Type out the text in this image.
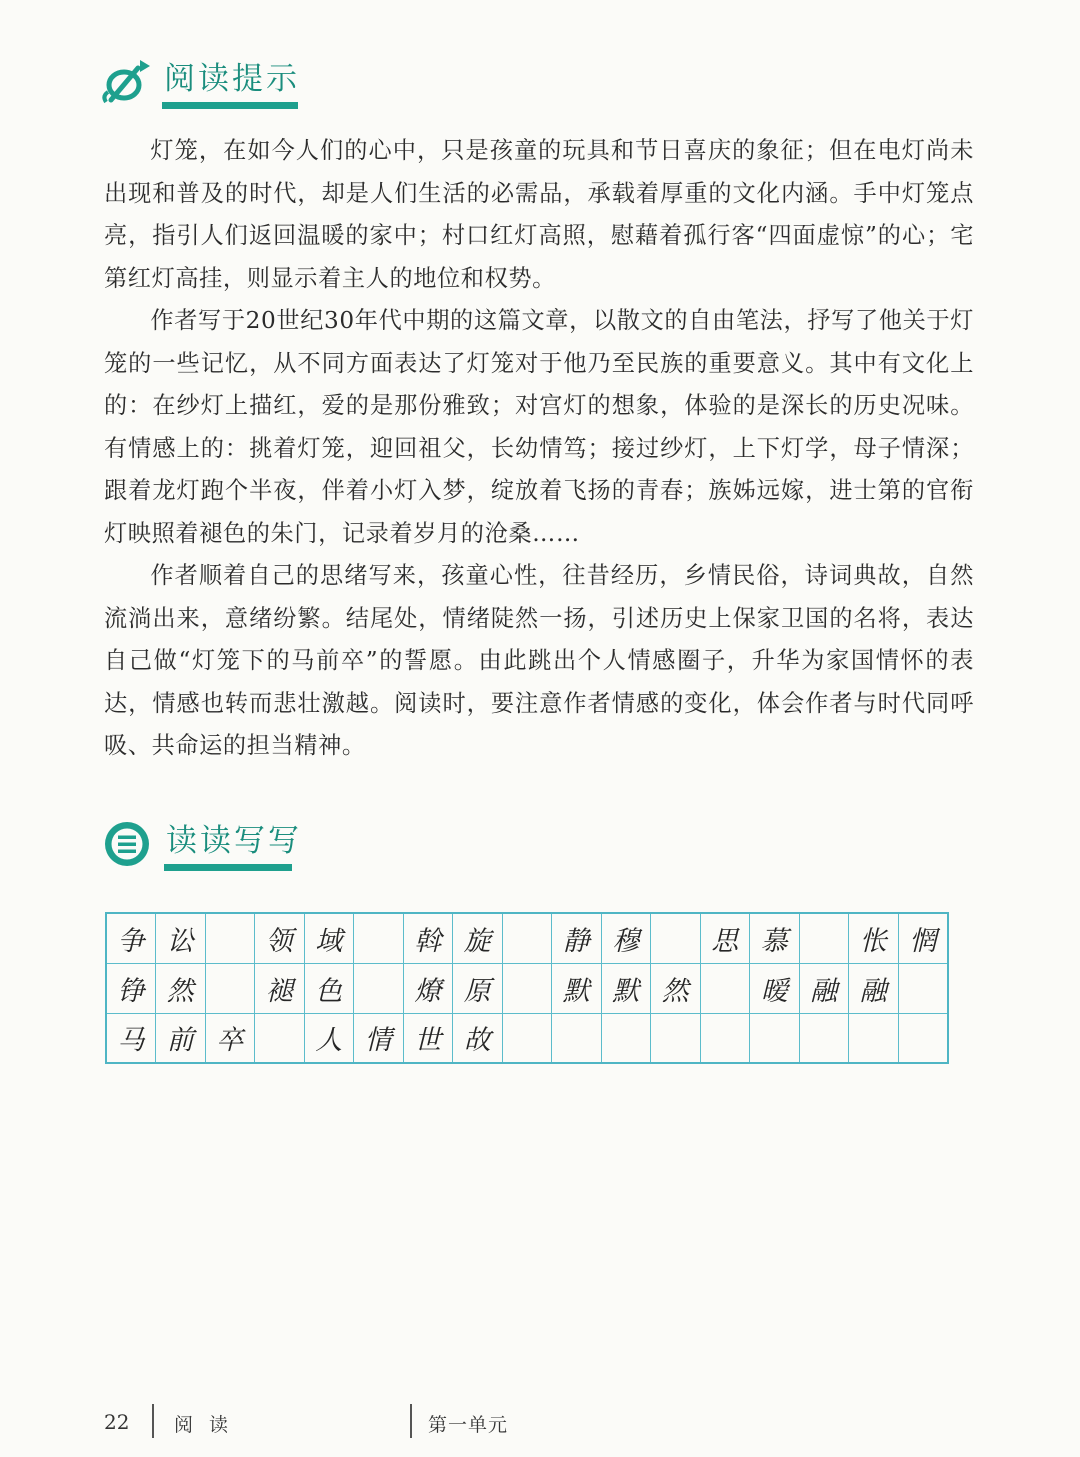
阅读提示

灯笼，在如今人们的心中，只是孩童的玩具和节日喜庆的象征；但在电灯尚未出现和普及的时代，却是人们生活的必需品，承载着厚重的文化内涵。手中灯笼点亮，指引人们返回温暖的家中；村口红灯高照，慰藉着孤行客“四面虚惊”的心；宅第红灯高挂，则显示着主人的地位和权势。

作者写于20世纪30年代中期的这篇文章，以散文的自由笔法，抒写了他关于灯笼的一些记忆，从不同方面表达了灯笼对于他乃至民族的重要意义。其中有文化上的：在纱灯上描红，爱的是那份雅致；对宫灯的想象，体验的是深长的历史况味。有情感上的：挑着灯笼，迎回祖父，长幼情笃；接过纱灯，上下灯学，母子情深；跟着龙灯跑个半夜，伴着小灯入梦，绽放着飞扬的青春；族姊远嫁，进士第的官衔灯映照着褪色的朱门，记录着岁月的沧桑……

作者顺着自己的思绪写来，孩童心性，往昔经历，乡情民俗，诗词典故，自然流淌出来，意绪纷繁。结尾处，情绪陡然一扬，引述历史上保家卫国的名将，表达自己做“灯笼下的马前卒”的誓愿。由此跳出个人情感圈子，升华为家国情怀的表达，情感也转而悲壮激越。阅读时，要注意作者情感的变化，体会作者与时代同呼吸、共命运的担当精神。

读读写写
争	讼		领	域		斡	旋		静	穆		思	慕		怅	惘
铮	然		褪	色		燎	原		默	默	然		暧	融	融	
马	前	卒		人	情	世	故									
22 阅 读	第一单元
